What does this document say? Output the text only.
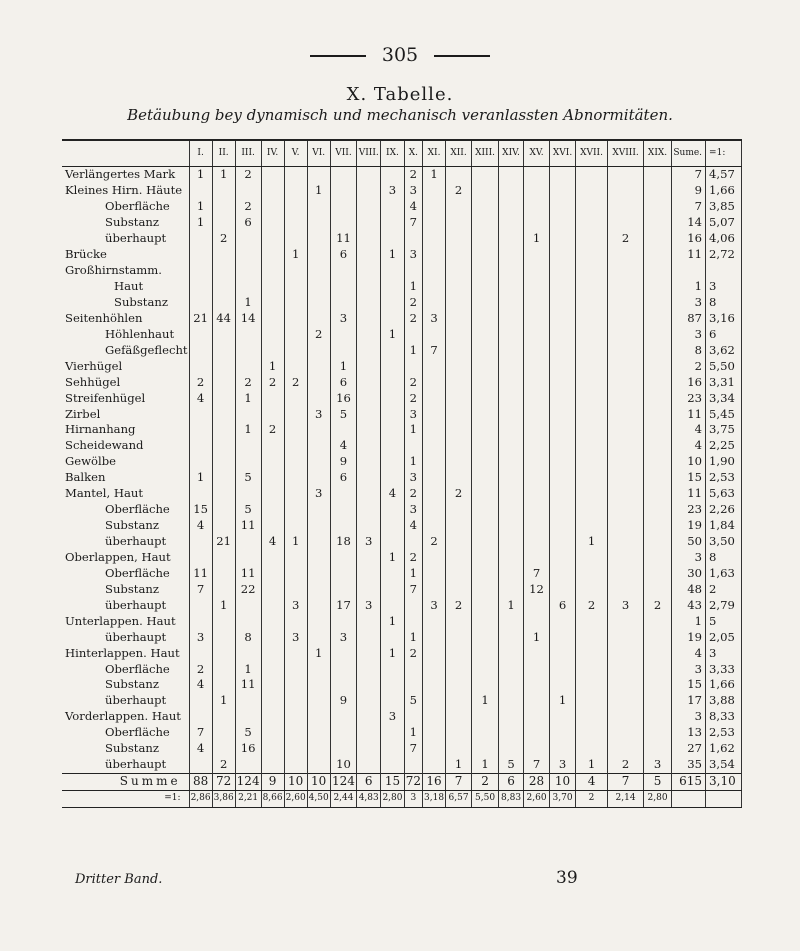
305
X. Tabelle.
Betäubung bey dynamisch und mechanisch veranlassten Abnormitäten.
	I.	II.	III.	IV.	V.	VI.	VII.	VIII.	IX.	X.	XI.	XII.	XIII.	XIV.	XV.	XVI.	XVII.	XVIII.	XIX.	Sume.	=1:
Verlängertes Mark	1	1	2							2	1									7	4,57
Kleines Hirn. Häute						1			3	3		2								9	1,66
Oberfläche	1		2							4										7	3,85
Substanz	1		6							7										14	5,07
überhaupt		2					11								1			2		16	4,06
Brücke					1		6		1	3										11	2,72
Großhirnstamm.																					
Haut										1										1	3
Substanz			1							2										3	8
Seitenhöhlen	21	44	14				3			2	3									87	3,16
Höhlenhaut						2			1											3	6
Gefäßgeflecht										1	7									8	3,62
Vierhügel				1			1													2	5,50
Sehhügel	2		2	2	2		6			2										16	3,31
Streifenhügel	4		1				16			2										23	3,34
Zirbel						3	5			3										11	5,45
Hirnanhang			1	2						1										4	3,75
Scheidewand							4													4	2,25
Gewölbe							9			1										10	1,90
Balken	1		5				6			3										15	2,53
Mantel, Haut						3			4	2		2								11	5,63
Oberfläche	15		5							3										23	2,26
Substanz	4		11							4										19	1,84
überhaupt		21		4	1		18	3			2						1			50	3,50
Oberlappen, Haut									1	2										3	8
Oberfläche	11		11							1					7					30	1,63
Substanz	7		22							7					12					48	2
überhaupt		1			3		17	3			3	2		1		6	2	3	2	43	2,79
Unterlappen. Haut									1											1	5
überhaupt	3		8		3		3			1					1					19	2,05
Hinterlappen. Haut						1			1	2										4	3
Oberfläche	2		1																	3	3,33
Substanz	4		11																	15	1,66
überhaupt		1					9			5			1			1				17	3,88
Vorderlappen. Haut									3											3	8,33
Oberfläche	7		5							1										13	2,53
Substanz	4		16							7										27	1,62
überhaupt		2					10					1	1	5	7	3	1	2	3	35	3,54
Summe	88	72	124	9	10	10	124	6	15	72	16	7	2	6	28	10	4	7	5	615	3,10
=1:	2,86	3,86	2,21	8,66	2,60	4,50	2,44	4,83	2,80	3	3,18	6,57	5,50	8,83	2,60	3,70	2	2,14	2,80		
Dritter Band.	39
